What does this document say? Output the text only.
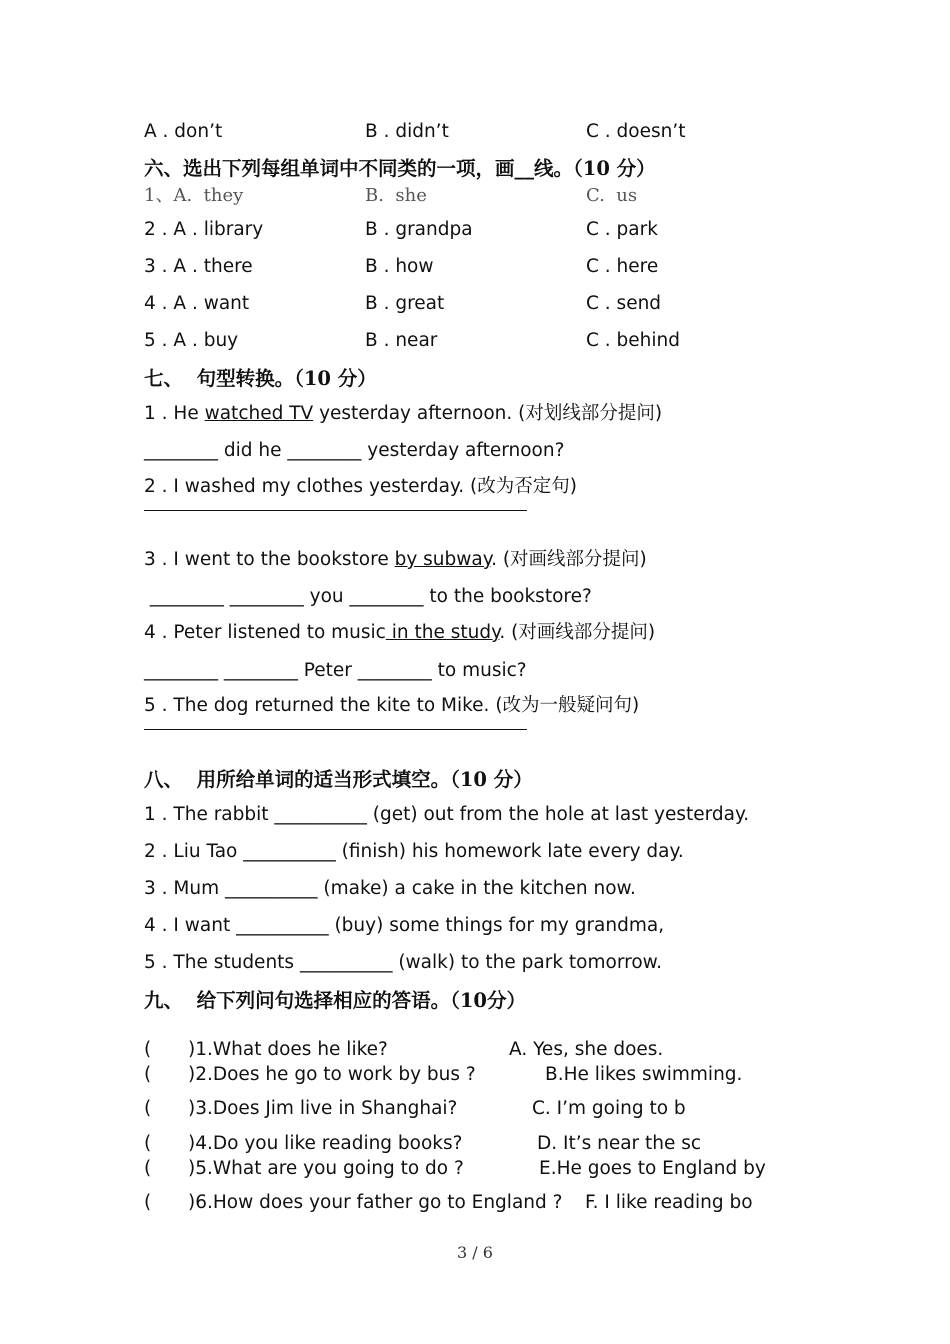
A . don’t	B . didn’t	C . doesn’t
六、选出下列每组单词中不同类的一项，画__线。（10 分）
1、A.  they	B.  she	C.  us
2 . A . library	B . grandpa	C . park
3 . A . there	B . how	C . here
4 . A . want	B . great	C . send
5 . A . buy	B . near	C . behind
七、  句型转换。（10 分）
1 . He watched TV yesterday afternoon. (对划线部分提问)
________ did he ________ yesterday afternoon?
2 . I washed my clothes yesterday. (改为否定句)
3 . I went to the bookstore by subway. (对画线部分提问)
________ ________ you ________ to the bookstore?
4 . Peter listened to music in the study. (对画线部分提问)
________ ________ Peter ________ to music?
5 . The dog returned the kite to Mike. (改为一般疑问句)
八、  用所给单词的适当形式填空。（10 分）
1 . The rabbit __________ (get) out from the hole at last yesterday.
2 . Liu Tao __________ (finish) his homework late every day.
3 . Mum __________ (make) a cake in the kitchen now.
4 . I want __________ (buy) some things for my grandma,
5 . The students __________ (walk) to the park tomorrow.
九、  给下列问句选择相应的答语。（10分）
( )1.What does he like?	A. Yes, she does.
( )2.Does he go to work by bus ?	B.He likes swimming.
( )3.Does Jim live in Shanghai?	C. I’m going to b
( )4.Do you like reading books?	D. It’s near the sc
( )5.What are you going to do ?	E.He goes to England by
( )6.How does your father go to England ? F. I like reading bo
3 / 6
